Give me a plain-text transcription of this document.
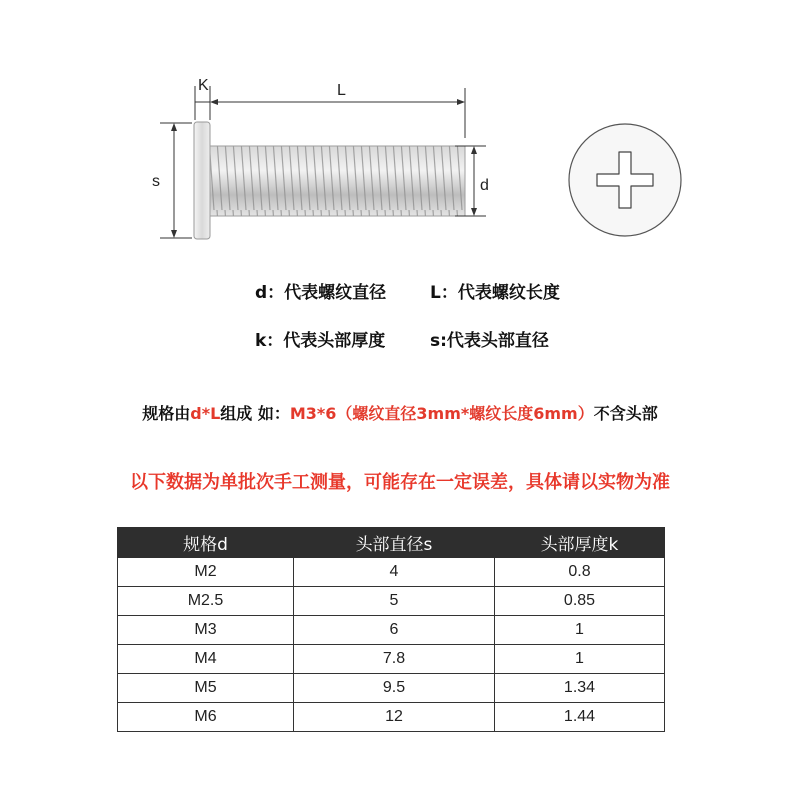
K	L
s	d
d：代表螺纹直径	L：代表螺纹长度
k：代表头部厚度	s:代表头部直径
规格由d*L组成 如：M3*6（螺纹直径3mm*螺纹长度6mm）不含头部
以下数据为单批次手工测量，可能存在一定误差，具体请以实物为准
规格d	头部直径s	头部厚度k
M2	4	0.8
M2.5	5	0.85
M3	6	1
M4	7.8	1
M5	9.5	1.34
M6	12	1.44
